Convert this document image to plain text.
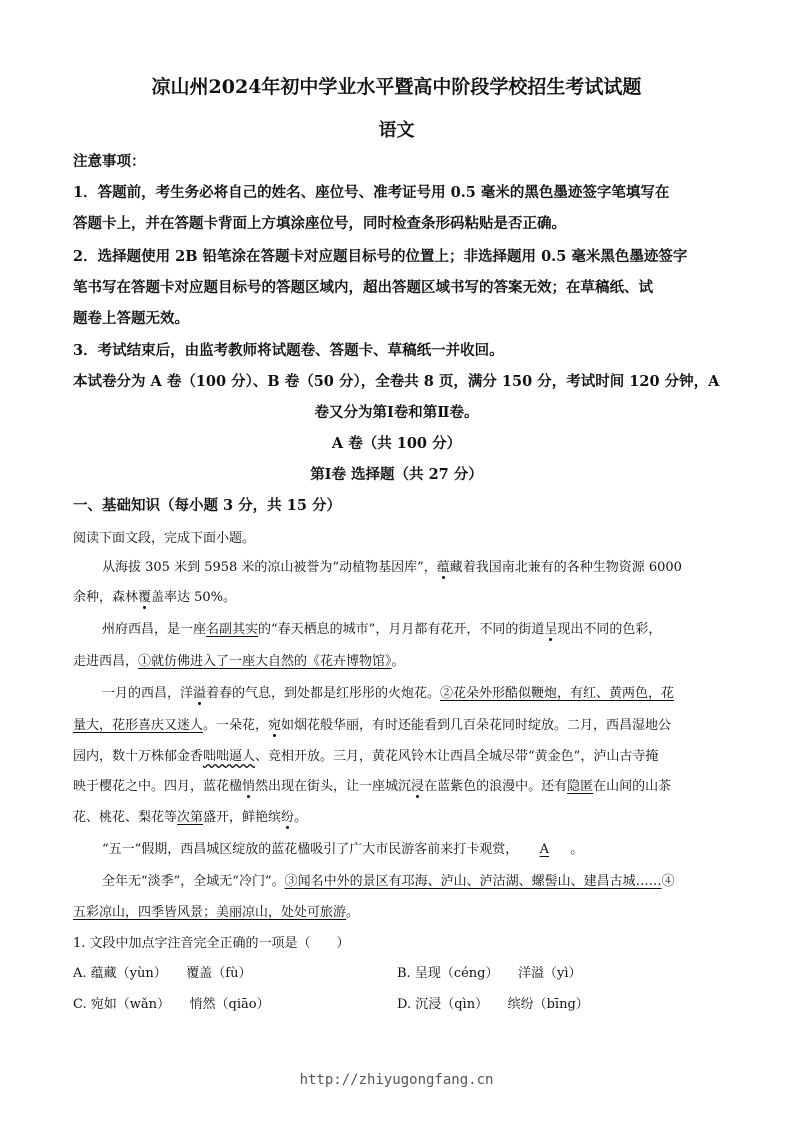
凉山州2024年初中学业水平暨高中阶段学校招生考试试题
语文
注意事项：
1．答题前，考生务必将自己的姓名、座位号、准考证号用 0.5 毫米的黑色墨迹签字笔填写在
答题卡上，并在答题卡背面上方填涂座位号，同时检查条形码粘贴是否正确。
2．选择题使用 2B 铅笔涂在答题卡对应题目标号的位置上；非选择题用 0.5 毫米黑色墨迹签字
笔书写在答题卡对应题目标号的答题区域内，超出答题区域书写的答案无效；在草稿纸、试
题卷上答题无效。
3．考试结束后，由监考教师将试题卷、答题卡、草稿纸一并收回。
本试卷分为 A 卷（100 分）、B 卷（50 分），全卷共 8 页，满分 150 分，考试时间 120 分钟，A
卷又分为第Ⅰ卷和第Ⅱ卷。
A 卷（共 100 分）
第Ⅰ卷 选择题（共 27 分）
一、基础知识（每小题 3 分，共 15 分）
阅读下面文段，完成下面小题。
从海拔 305 米到 5958 米的凉山被誉为“动植物基因库”，蕴藏着我国南北兼有的各种生物资源 6000
余种，森林覆盖率达 50%。
州府西昌，是一座名副其实的“春天栖息的城市”，月月都有花开，不同的街道呈现出不同的色彩，
走进西昌，①就仿佛进入了一座大自然的《花卉博物馆》。
一月的西昌，洋溢着春的气息，到处都是红彤彤的火炮花。②花朵外形酷似鞭炮，有红、黄两色，花
量大，花形喜庆又迷人。一朵花，宛如烟花般华丽，有时还能看到几百朵花同时绽放。二月，西昌湿地公
园内，数十万株郁金香咄咄逼人、竞相开放。三月，黄花风铃木让西昌全城尽带“黄金色”，泸山古寺掩
映于樱花之中。四月，蓝花楹悄然出现在街头，让一座城沉浸在蓝紫色的浪漫中。还有隐匿在山间的山茶
花、桃花、梨花等次第盛开，鲜艳缤纷。
“五一”假期，西昌城区绽放的蓝花楹吸引了广大市民游客前来打卡观赏， A 。
全年无“淡季”，全域无“冷门”。③闻名中外的景区有邛海、泸山、泸沽湖、螺髻山、建昌古城……④
五彩凉山，四季皆风景；美丽凉山，处处可旅游。
1. 文段中加点字注音完全正确的一项是（　　）
A. 蕴藏（yùn）　　 覆盖（fù）	B. 呈现（céng）　　 洋溢（yì）
C. 宛如（wǎn）　　 悄然（qiāo）	D. 沉浸（qìn）　　 缤纷（bīng）
http://zhiyugongfang.cn
